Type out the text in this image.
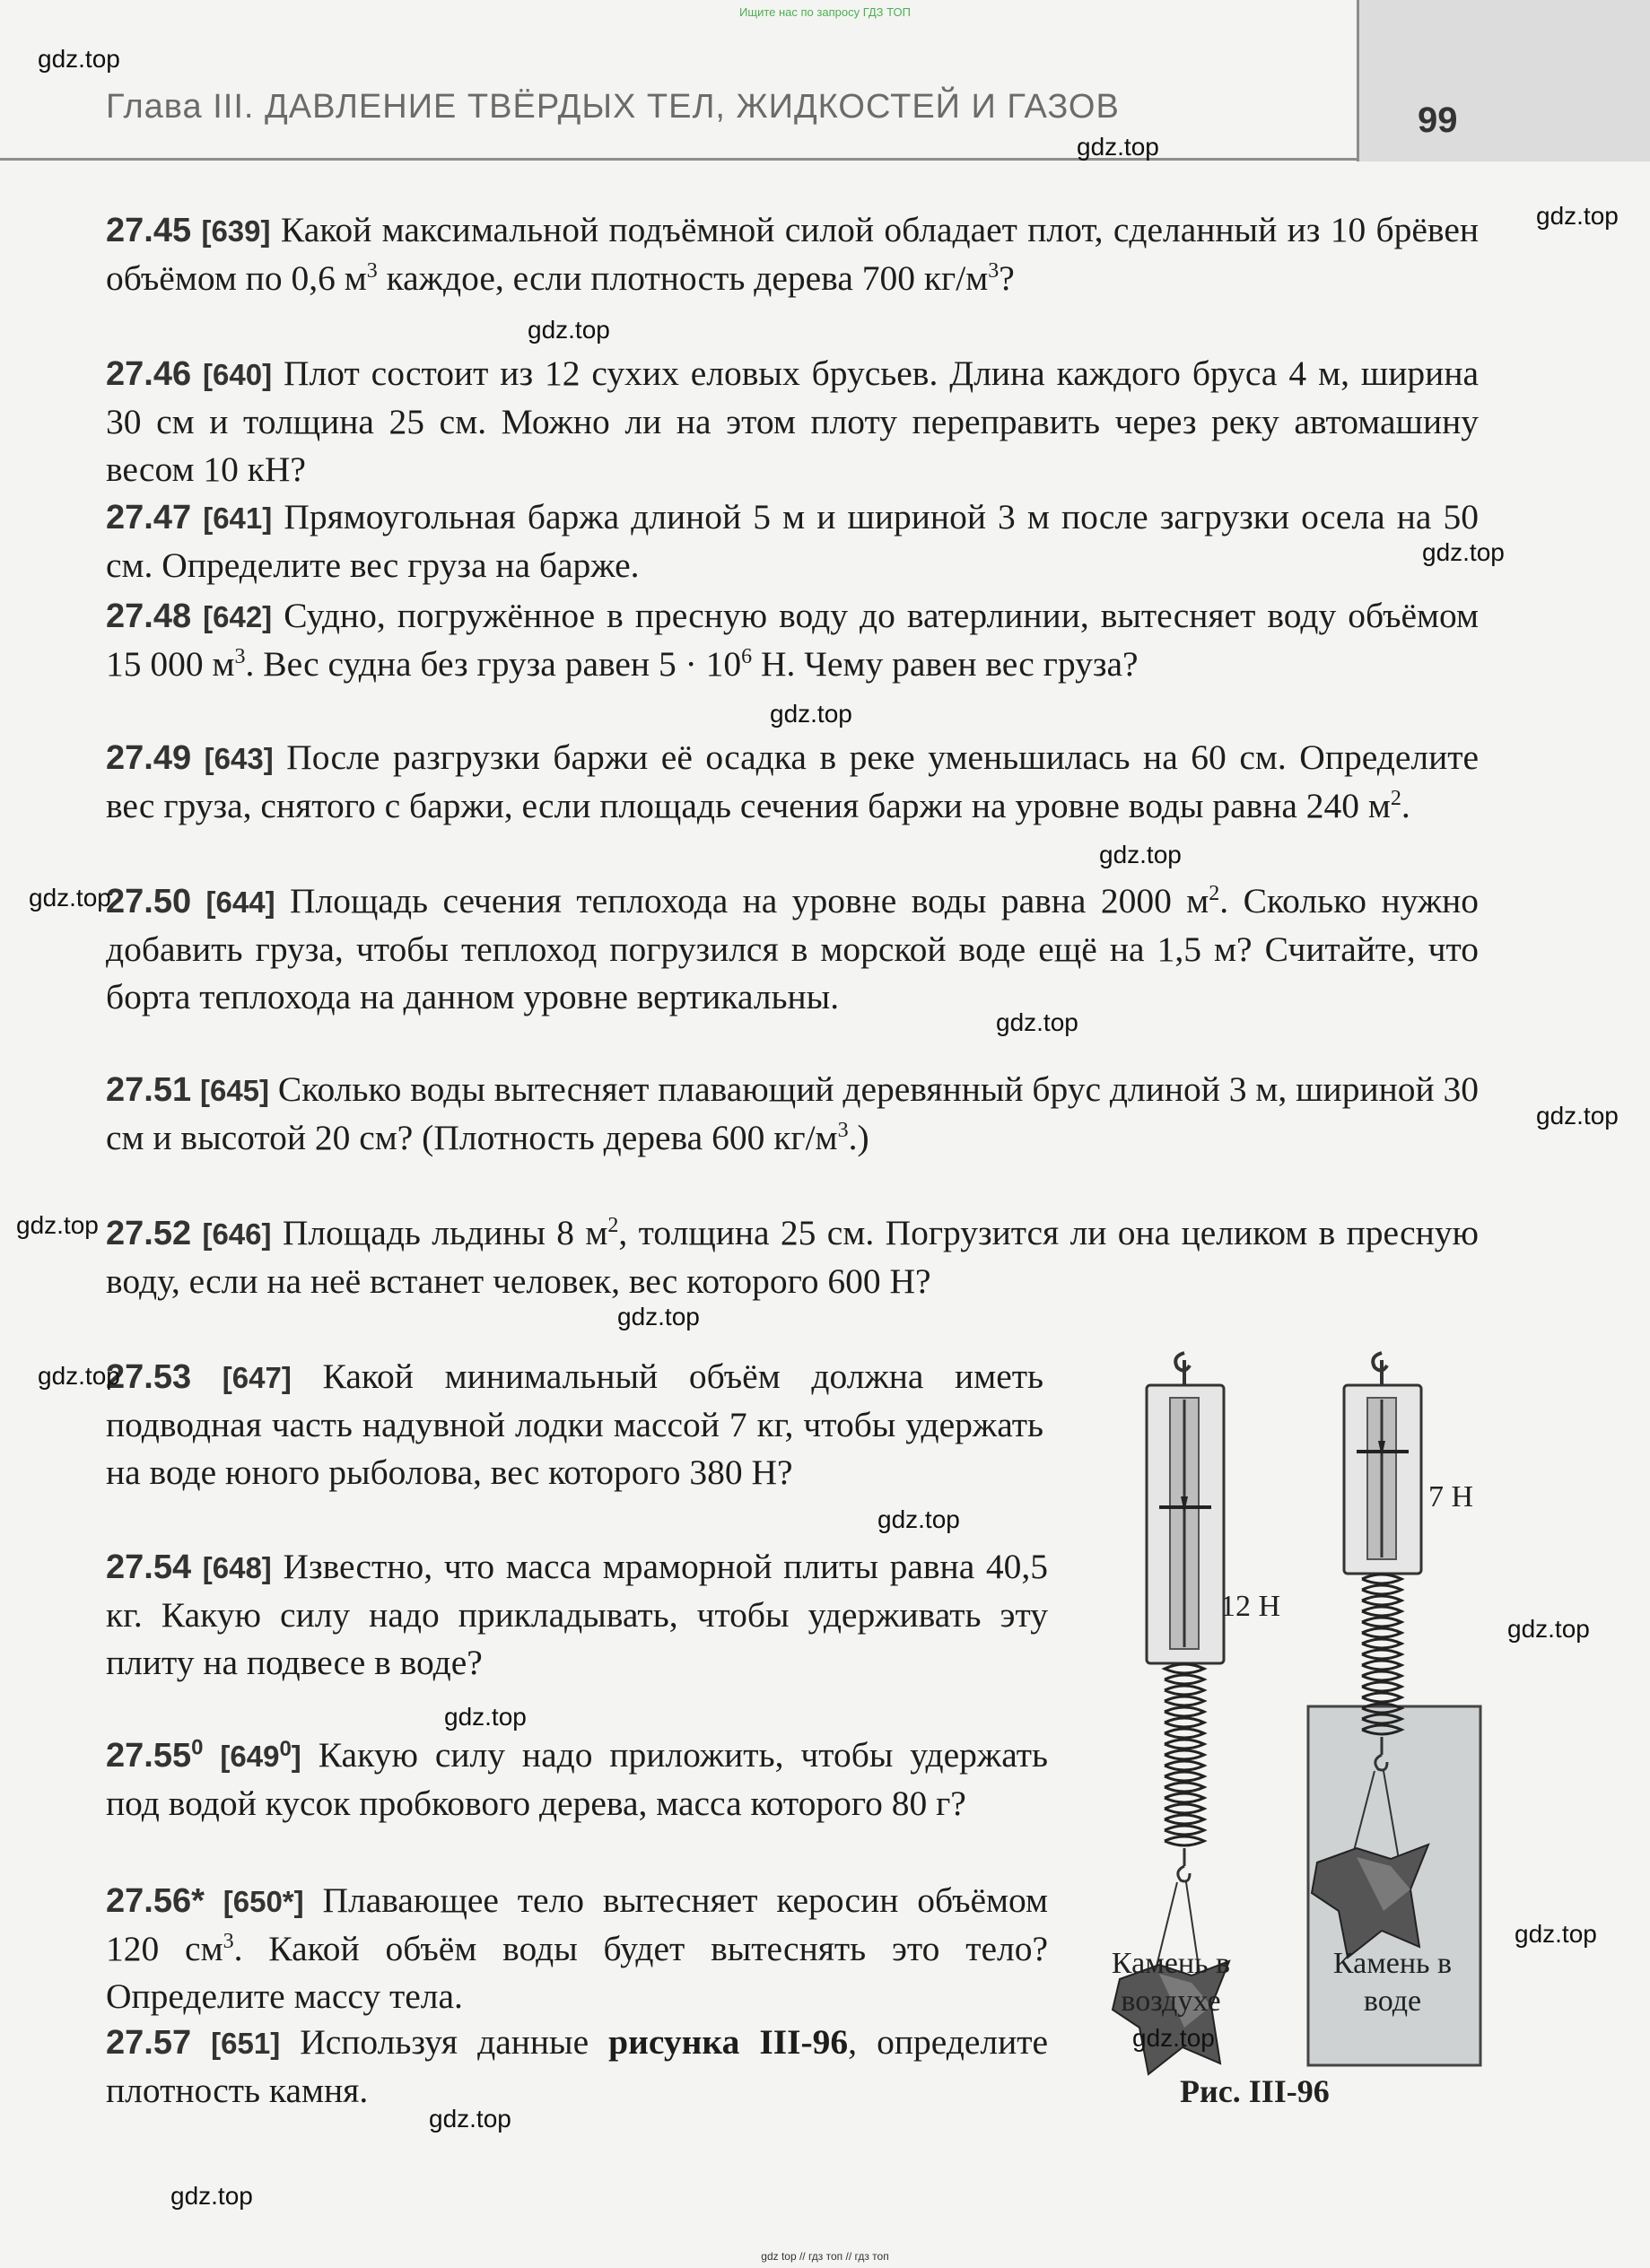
Ищите нас по запросу ГДЗ ТОП
Глава III. ДАВЛЕНИЕ ТВЁРДЫХ ТЕЛ, ЖИДКОСТЕЙ И ГАЗОВ	99
27.45 [639] Какой максимальной подъёмной силой обладает плот, сделанный из 10 брёвен объёмом по 0,6 $м^3$ каждое, если плотность дерева 700 $кг/м^3$?
27.46 [640] Плот состоит из 12 сухих еловых брусьев. Длина каждого бруса 4 м, ширина 30 см и толщина 25 см. Можно ли на этом плоту переправить через реку автомашину весом 10 кН?
27.47 [641] Прямоугольная баржа длиной 5 м и шириной 3 м после загрузки осела на 50 см. Определите вес груза на барже.
27.48 [642] Судно, погружённое в пресную воду до ватерлинии, вытесняет воду объёмом 15 000 $м^3$. Вес судна без груза равен $5 \cdot 10^6$ Н. Чему равен вес груза?
27.49 [643] После разгрузки баржи её осадка в реке уменьшилась на 60 см. Определите вес груза, снятого с баржи, если площадь сечения баржи на уровне воды равна 240 $м^2$.
27.50 [644] Площадь сечения теплохода на уровне воды равна 2000 $м^2$. Сколько нужно добавить груза, чтобы теплоход погрузился в морской воде ещё на 1,5 м? Считайте, что борта теплохода на данном уровне вертикальны.
27.51 [645] Сколько воды вытесняет плавающий деревянный брус длиной 3 м, шириной 30 см и высотой 20 см? (Плотность дерева 600 $кг/м^3$.)
27.52 [646] Площадь льдины 8 $м^2$, толщина 25 см. Погрузится ли она целиком в пресную воду, если на неё встанет человек, вес которого 600 Н?
27.53 [647] Какой минимальный объём должна иметь подводная часть надувной лодки массой 7 кг, чтобы удержать на воде юного рыболова, вес которого 380 Н?
27.54 [648] Известно, что масса мраморной плиты равна 40,5 кг. Какую силу надо прикладывать, чтобы удерживать эту плиту на подвесе в воде?
27.55$^0$ $[649^0]$ Какую силу надо приложить, чтобы удержать под водой кусок пробкового дерева, масса которого 80 г?
27.56* [650*] Плавающее тело вытесняет керосин объёмом 120 $см^3$. Какой объём воды будет вытеснять это тело? Определите массу тела.
27.57 [651] Используя данные рисунка III-96, определите плотность камня.
12 Н
7 Н
Камень в воздухе
Камень в воде
Рис. III-96
gdz.top
gdz.top
gdz.top
gdz.top
gdz.top
gdz.top
gdz.top
gdz.top
gdz.top
gdz.top
gdz.top
gdz.top
gdz.top
gdz.top
gdz.top
gdz.top
gdz.top
gdz.top
gdz.top
gdz.top
gdz top // гдз топ // гдз топ
